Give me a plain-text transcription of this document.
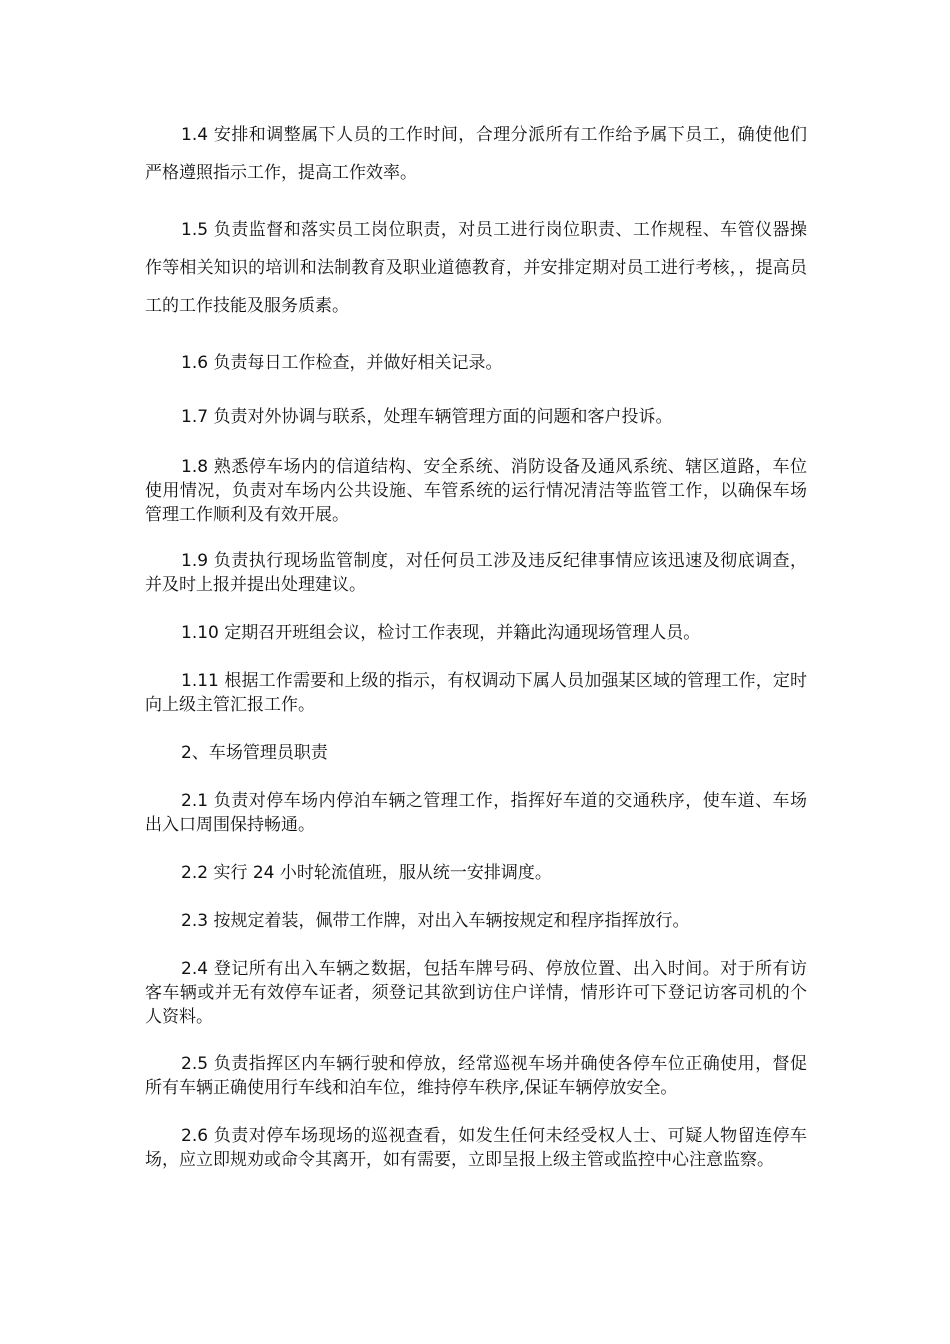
1.4 安排和调整属下人员的工作时间，合理分派所有工作给予属下员工，确使他们严格遵照指示工作，提高工作效率。

1.5 负责监督和落实员工岗位职责，对员工进行岗位职责、工作规程、车管仪器操作等相关知识的培训和法制教育及职业道德教育，并安排定期对员工进行考核，，提高员工的工作技能及服务质素。

1.6 负责每日工作检查，并做好相关记录。

1.7 负责对外协调与联系，处理车辆管理方面的问题和客户投诉。

1.8 熟悉停车场内的信道结构、安全系统、消防设备及通风系统、辖区道路，车位使用情况，负责对车场内公共设施、车管系统的运行情况清洁等监管工作，以确保车场管理工作顺利及有效开展。

1.9 负责执行现场监管制度，对任何员工涉及违反纪律事情应该迅速及彻底调查，并及时上报并提出处理建议。

1.10 定期召开班组会议，检讨工作表现，并籍此沟通现场管理人员。

1.11 根据工作需要和上级的指示，有权调动下属人员加强某区域的管理工作，定时向上级主管汇报工作。

2、车场管理员职责

2.1 负责对停车场内停泊车辆之管理工作，指挥好车道的交通秩序，使车道、车场出入口周围保持畅通。

2.2 实行 24 小时轮流值班，服从统一安排调度。

2.3 按规定着装，佩带工作牌，对出入车辆按规定和程序指挥放行。

2.4 登记所有出入车辆之数据，包括车牌号码、停放位置、出入时间。对于所有访客车辆或并无有效停车证者，须登记其欲到访住户详情，情形许可下登记访客司机的个人资料。

2.5 负责指挥区内车辆行驶和停放，经常巡视车场并确使各停车位正确使用，督促所有车辆正确使用行车线和泊车位，维持停车秩序,保证车辆停放安全。

2.6 负责对停车场现场的巡视查看，如发生任何未经受权人士、可疑人物留连停车场，应立即规劝或命令其离开，如有需要，立即呈报上级主管或监控中心注意监察。
